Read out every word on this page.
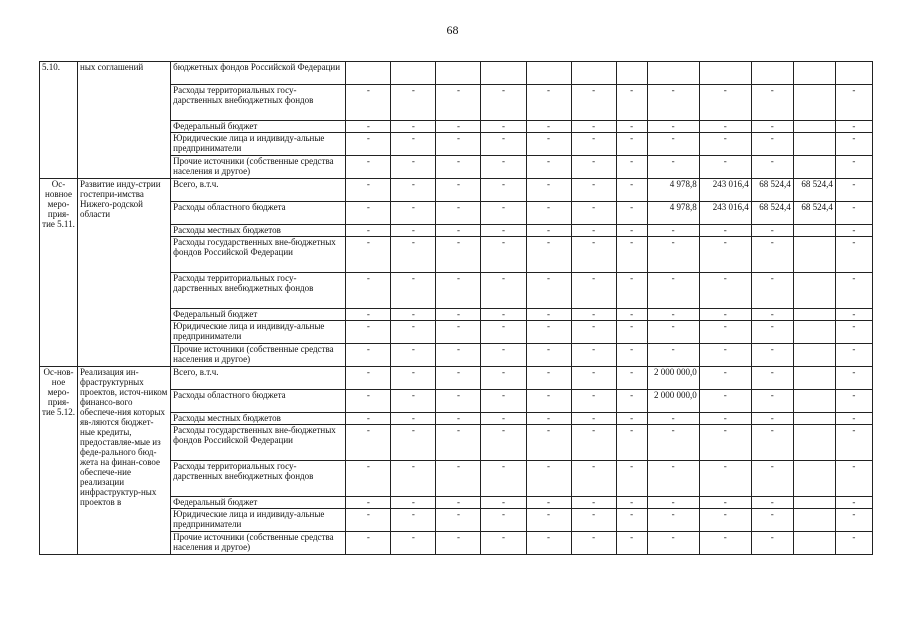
68
5.10.	ных соглашений	бюджетных фондов Российской Федерации												
		Расходы территориальных госу-дарственных внебюджетных фондов	-	-	-	-	-	-	-	-	-	-		-
		Федеральный бюджет	-	-	-	-	-	-	-	-	-	-		-
		Юридические лица и индивиду-альные предприниматели	-	-	-	-	-	-	-	-	-	-		-
		Прочие источники (собственные средства населения и другое)	-	-	-	-	-	-	-	-	-	-		-
Ос-новное меро-прия-тие 5.11.	Развитие инду-стрии гостепри-имства Нижего-родской области	Всего, в.т.ч.	-	-	-	-	-	-	-	4 978,8	243 016,4	68 524,4	68 524,4	-
		Расходы областного бюджета	-	-	-	-	-	-	-	4 978,8	243 016,4	68 524,4	68 524,4	-
		Расходы местных бюджетов	-	-	-	-	-	-	-	-	-	-		-
		Расходы государственных вне-бюджетных фондов Российской Федерации	-	-	-	-	-	-	-	-	-	-		-
		Расходы территориальных госу-дарственных внебюджетных фондов	-	-	-	-	-	-	-	-	-	-		-
		Федеральный бюджет	-	-	-	-	-	-	-	-	-	-		-
		Юридические лица и индивиду-альные предприниматели	-	-	-	-	-	-	-	-	-	-		-
		Прочие источники (собственные средства населения и другое)	-	-	-	-	-	-	-	-	-	-		-
Ос-нов-ное меро-прия-тие 5.12.	Реализация ин-фраструктурных проектов, источ-ником финансо-вого обеспече-ния которых яв-ляются бюджет-ные кредиты, предоставляе-мые из феде-рального бюд-жета на финан-совое обеспече-ние реализации инфраструктур-ных проектов в	Всего, в.т.ч.	-	-	-	-	-	-	-	2 000 000,0	-	-		-
		Расходы областного бюджета	-	-	-	-	-	-	-	2 000 000,0	-	-		-
		Расходы местных бюджетов	-	-	-	-	-	-	-	-	-	-		-
		Расходы государственных вне-бюджетных фондов Российской Федерации	-	-	-	-	-	-	-	-	-	-		-
		Расходы территориальных госу-дарственных внебюджетных фондов	-	-	-	-	-	-	-	-	-	-		-
		Федеральный бюджет	-	-	-	-	-	-	-	-	-	-		-
		Юридические лица и индивиду-альные предприниматели	-	-	-	-	-	-	-	-	-	-		-
		Прочие источники (собственные средства населения и другое)	-	-	-	-	-	-	-	-	-	-		-
